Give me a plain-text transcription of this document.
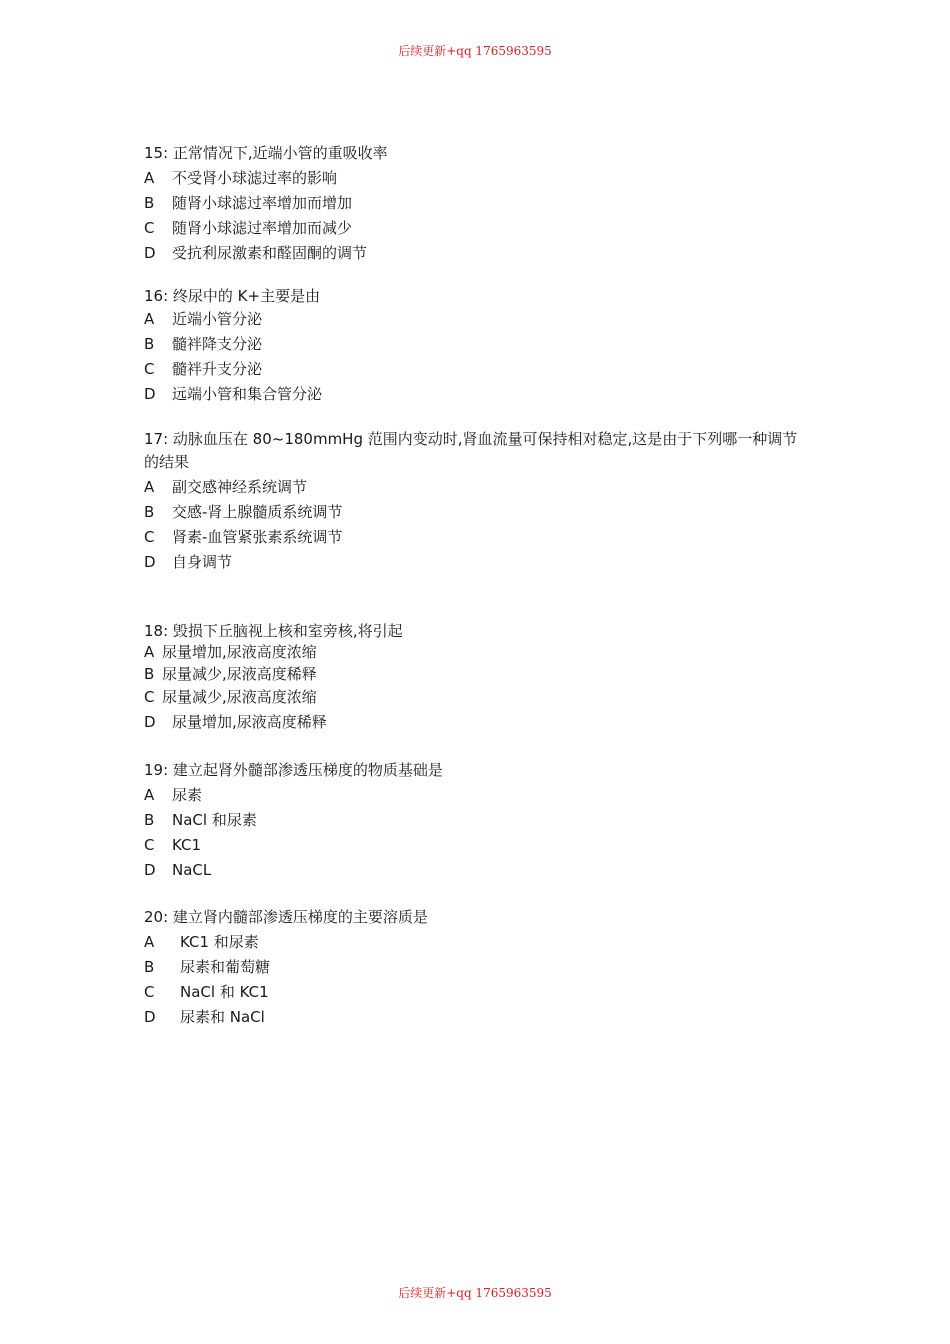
后续更新+qq 1765963595
15: 正常情况下,近端小管的重吸收率
A 不受肾小球滤过率的影响
B 随肾小球滤过率增加而增加
C 随肾小球滤过率增加而减少
D 受抗利尿激素和醛固酮的调节
16: 终尿中的 K+主要是由
A 近端小管分泌
B 髓袢降支分泌
C 髓袢升支分泌
D 远端小管和集合管分泌
17: 动脉血压在 80~180mmHg 范围内变动时,肾血流量可保持相对稳定,这是由于下列哪一种调节的结果
A 副交感神经系统调节
B 交感-肾上腺髓质系统调节
C 肾素-血管紧张素系统调节
D 自身调节
18: 毁损下丘脑视上核和室旁核,将引起
A 尿量增加,尿液高度浓缩
B 尿量减少,尿液高度稀释
C 尿量减少,尿液高度浓缩
D 尿量增加,尿液高度稀释
19: 建立起肾外髓部渗透压梯度的物质基础是
A 尿素
B NaCl 和尿素
C KC1
D NaCL
20: 建立肾内髓部渗透压梯度的主要溶质是
A KC1 和尿素
B 尿素和葡萄糖
C NaCl 和 KC1
D 尿素和 NaCl
后续更新+qq 1765963595
